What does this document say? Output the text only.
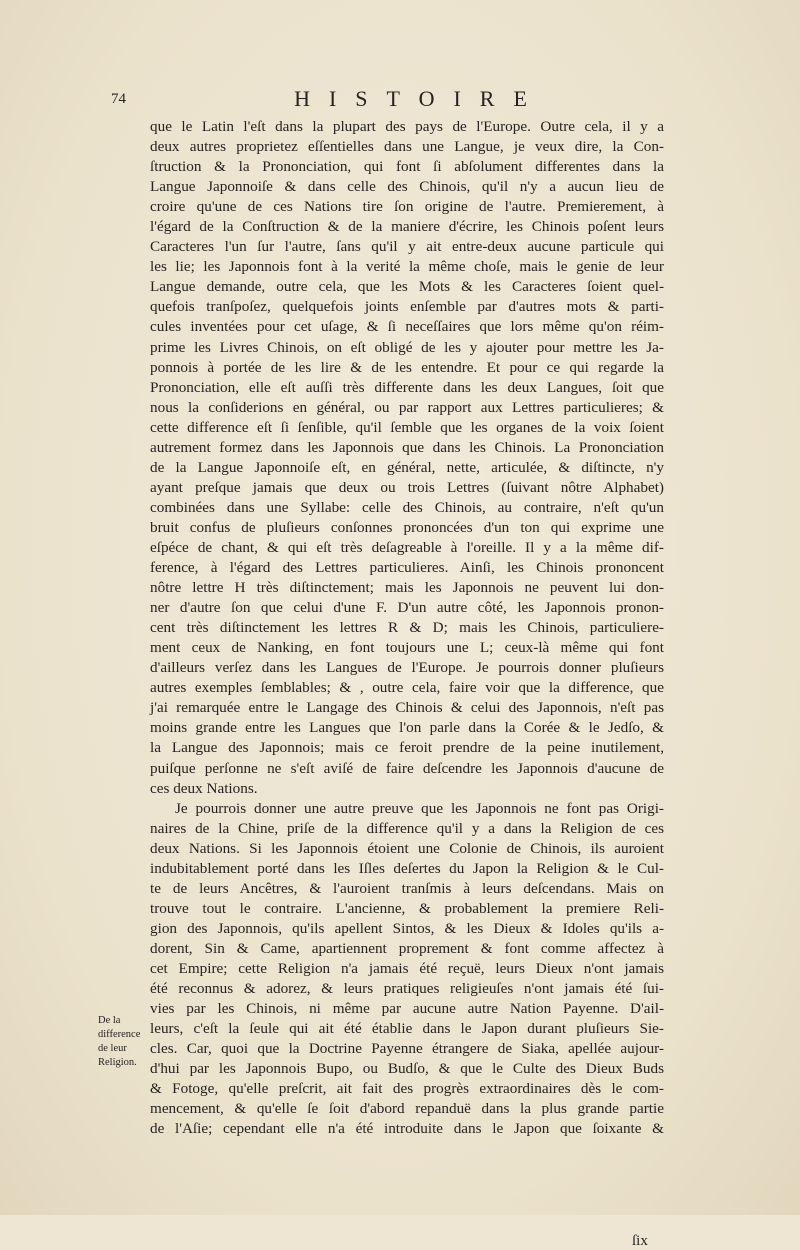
74	HISTOIRE
que le Latin l'eſt dans la plupart des pays de l'Europe. Outre cela, il y a
deux autres proprietez eſſentielles dans une Langue, je veux dire, la Con-
ſtruction & la Prononciation, qui font ſi abſolument differentes dans la
Langue Japonnoiſe & dans celle des Chinois, qu'il n'y a aucun lieu de
croire qu'une de ces Nations tire ſon origine de l'autre. Premierement, à
l'égard de la Conſtruction & de la maniere d'écrire, les Chinois poſent leurs
Caracteres l'un ſur l'autre, ſans qu'il y ait entre-deux aucune particule qui
les lie; les Japonnois font à la verité la même choſe, mais le genie de leur
Langue demande, outre cela, que les Mots & les Caracteres ſoient quel-
quefois tranſpoſez, quelquefois joints enſemble par d'autres mots & parti-
cules inventées pour cet uſage, & ſi neceſſaires que lors même qu'on réim-
prime les Livres Chinois, on eſt obligé de les y ajouter pour mettre les Ja-
ponnois à portée de les lire & de les entendre. Et pour ce qui regarde la
Prononciation, elle eſt auſſi très differente dans les deux Langues, ſoit que
nous la conſiderions en général, ou par rapport aux Lettres particulieres; &
cette difference eſt ſi ſenſible, qu'il ſemble que les organes de la voix ſoient
autrement formez dans les Japonnois que dans les Chinois. La Prononciation
de la Langue Japonnoiſe eſt, en général, nette, articulée, & diſtincte, n'y
ayant preſque jamais que deux ou trois Lettres (ſuivant nôtre Alphabet)
combinées dans une Syllabe: celle des Chinois, au contraire, n'eſt qu'un
bruit confus de pluſieurs conſonnes prononcées d'un ton qui exprime une
eſpéce de chant, & qui eſt très deſagreable à l'oreille. Il y a la même dif-
ference, à l'égard des Lettres particulieres. Ainſi, les Chinois prononcent
nôtre lettre H très diſtinctement; mais les Japonnois ne peuvent lui don-
ner d'autre ſon que celui d'une F. D'un autre côté, les Japonnois pronon-
cent très diſtinctement les lettres R & D; mais les Chinois, particuliere-
ment ceux de Nanking, en font toujours une L; ceux-là même qui font
d'ailleurs verſez dans les Langues de l'Europe. Je pourrois donner pluſieurs
autres exemples ſemblables; & , outre cela, faire voir que la difference, que
j'ai remarquée entre le Langage des Chinois & celui des Japonnois, n'eſt pas
moins grande entre les Langues que l'on parle dans la Corée & le Jedſo, &
la Langue des Japonnois; mais ce feroit prendre de la peine inutilement,
puiſque perſonne ne s'eſt aviſé de faire deſcendre les Japonnois d'aucune de
ces deux Nations.
Je pourrois donner une autre preuve que les Japonnois ne font pas Origi-
naires de la Chine, priſe de la difference qu'il y a dans la Religion de ces
deux Nations. Si les Japonnois étoient une Colonie de Chinois, ils auroient
indubitablement porté dans les Iſles deſertes du Japon la Religion & le Cul-
te de leurs Ancêtres, & l'auroient tranſmis à leurs deſcendans. Mais on
trouve tout le contraire. L'ancienne, & probablement la premiere Reli-
gion des Japonnois, qu'ils apellent Sintos, & les Dieux & Idoles qu'ils a-
dorent, Sin & Came, apartiennent proprement & font comme affectez à
cet Empire; cette Religion n'a jamais été reçuë, leurs Dieux n'ont jamais
été reconnus & adorez, & leurs pratiques religieuſes n'ont jamais été ſui-
vies par les Chinois, ni même par aucune autre Nation Payenne. D'ail-
leurs, c'eſt la ſeule qui ait été établie dans le Japon durant pluſieurs Sie-
cles. Car, quoi que la Doctrine Payenne étrangere de Siaka, apellée aujour-
d'hui par les Japonnois Bupo, ou Budſo, & que le Culte des Dieux Buds
& Fotoge, qu'elle preſcrit, ait fait des progrès extraordinaires dès le com-
mencement, & qu'elle ſe ſoit d'abord repanduë dans la plus grande partie
de l'Aſie; cependant elle n'a été introduite dans le Japon que ſoixante &
De la difference de leur Religion.
ſix
